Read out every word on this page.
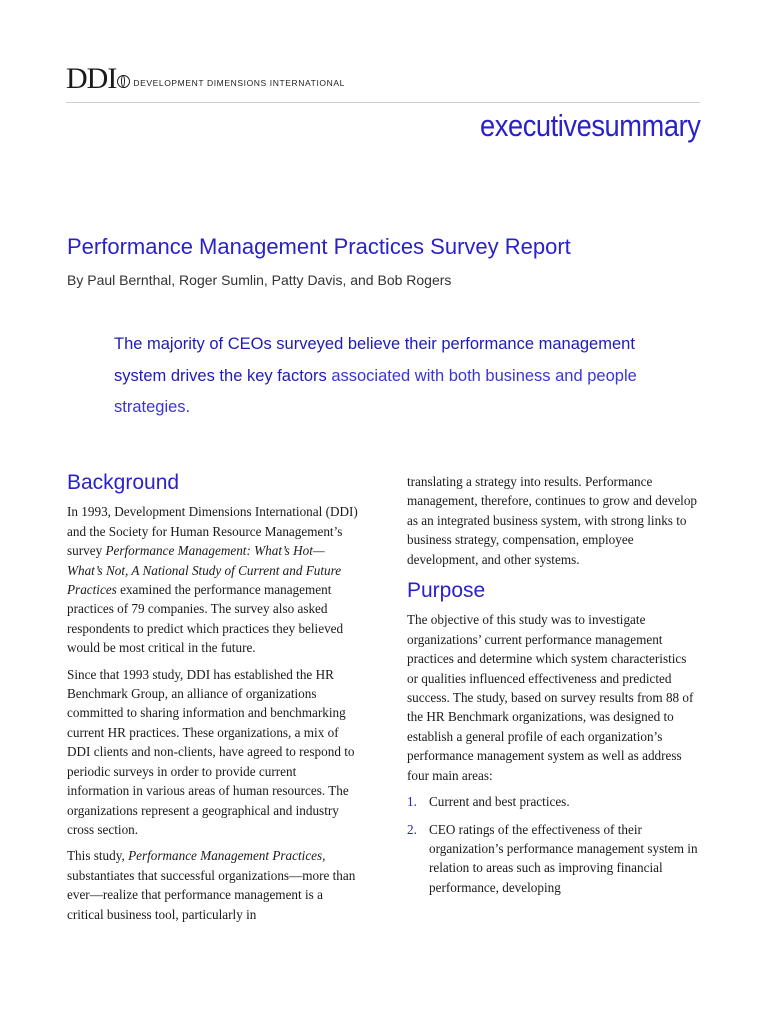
DDI DEVELOPMENT DIMENSIONS INTERNATIONAL
executivesummary
Performance Management Practices Survey Report
By Paul Bernthal, Roger Sumlin, Patty Davis, and Bob Rogers
The majority of CEOs surveyed believe their performance management system drives the key factors associated with both business and people strategies.
Background

In 1993, Development Dimensions International (DDI) and the Society for Human Resource Management’s survey Performance Management: What’s Hot—What’s Not, A National Study of Current and Future Practices examined the performance management practices of 79 companies. The survey also asked respondents to predict which practices they believed would be most critical in the future.

Since that 1993 study, DDI has established the HR Benchmark Group, an alliance of organizations committed to sharing information and benchmarking current HR practices. These organizations, a mix of DDI clients and non-clients, have agreed to respond to periodic surveys in order to provide current information in various areas of human resources. The organizations represent a geographical and industry cross section.

This study, Performance Management Practices, substantiates that successful organizations—more than ever—realize that performance management is a critical business tool, particularly in

translating a strategy into results. Performance management, therefore, continues to grow and develop as an integrated business system, with strong links to business strategy, compensation, employee development, and other systems.

Purpose

The objective of this study was to investigate organizations’ current performance management practices and determine which system characteristics or qualities influenced effectiveness and predicted success. The study, based on survey results from 88 of the HR Benchmark organizations, was designed to establish a general profile of each organization’s performance management system as well as address four main areas:

1. Current and best practices.
2. CEO ratings of the effectiveness of their organization’s performance management system in relation to areas such as improving financial performance, developing
